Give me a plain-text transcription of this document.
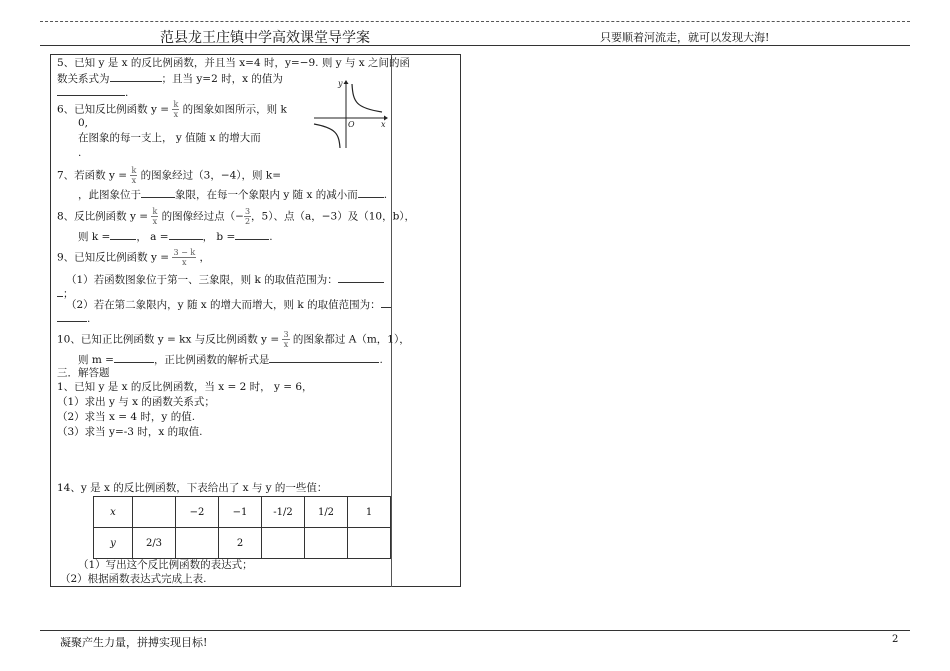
范县龙王庄镇中学高效课堂导学案	只要顺着河流走，就可以发现大海!
5、已知 y 是 x 的反比例函数，并且当 x=4 时，y=−9. 则 y 与 x 之间的函
数关系式为	；且当 y=2 时，x 的值为
.
6、已知反比例函数 $y = \frac{k}{x}$ 的图象如图所示，则 k
0,
在图象的每一支上， y 值随 x 的增大而
.
y
x
O
7、若函数 $y = \frac{k}{x}$ 的图象经过（3，−4），则 k=
，此图象位于	象限，在每一个象限内 y 随 x 的减小而 .
8、反比例函数 $y = \frac{k}{x}$ 的图像经过点（− $\frac{3}{2}$ ，5）、点（a，−3）及（10，b），
则 k = ， a =	， b =	.
9、已知反比例函数 $y = \frac{3 - k}{x}$ ，
（1）若函数图象位于第一、三象限，则 k 的取值范围为：
；
（2）若在第二象限内，y 随 x 的增大而增大，则 k 的取值范围为：
.
10、已知正比例函数 y = kx 与反比例函数 $y = \frac{3}{x}$ 的图象都过 A（m，1），
则 m =	，正比例函数的解析式是	.
三．解答题
1、已知 y 是 x 的反比例函数，当 x = 2 时， y = 6，
（1）求出 y 与 x 的函数关系式；
（2）求当 x = 4 时，y 的值.
（3）求当 y=-3 时，x 的取值.
14、y 是 x 的反比例函数，下表给出了 x 与 y 的一些值：
x		−2	−1	-1/2	1/2	1
y	2/3		2			
（1）写出这个反比例函数的表达式；
（2）根据函数表达式完成上表.
凝聚产生力量，拼搏实现目标!	2
